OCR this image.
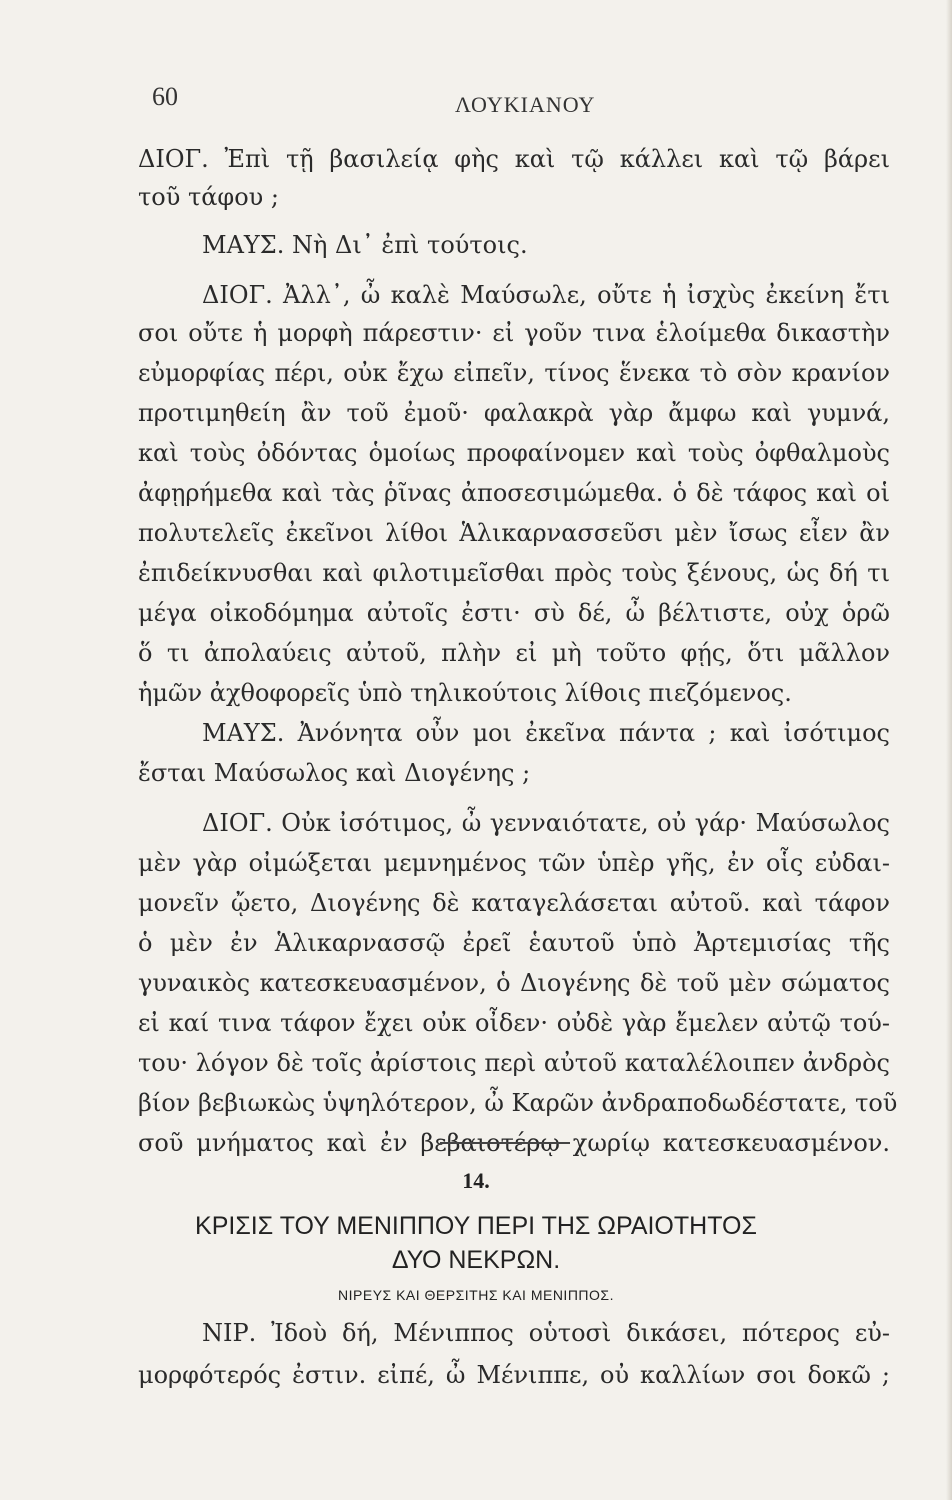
60	ΛΟΥΚΙΑΝΟΥ
ΔΙΟΓ. Ἐπὶ τῇ βασιλείᾳ φὴς καὶ τῷ κάλλει καὶ τῷ βάρει
τοῦ τάφου ;
ΜΑΥΣ. Νὴ Δι᾽ ἐπὶ τούτοις.
ΔΙΟΓ. Ἀλλ᾽, ὦ καλὲ Μαύσωλε, οὔτε ἡ ἰσχὺς ἐκείνη ἔτι
σοι οὔτε ἡ μορφὴ πάρεστιν· εἰ γοῦν τινα ἑλοίμεθα δικαστὴν
εὐμορφίας πέρι, οὐκ ἔχω εἰπεῖν, τίνος ἕνεκα τὸ σὸν κρανίον
προτιμηθείη ἂν τοῦ ἐμοῦ· φαλακρὰ γὰρ ἄμφω καὶ γυμνά,
καὶ τοὺς ὀδόντας ὁμοίως προφαίνομεν καὶ τοὺς ὀφθαλμοὺς
ἀφῃρήμεθα καὶ τὰς ῥῖνας ἀποσεσιμώμεθα. ὁ δὲ τάφος καὶ οἱ
πολυτελεῖς ἐκεῖνοι λίθοι Ἁλικαρνασσεῦσι μὲν ἴσως εἶεν ἂν
ἐπιδείκνυσθαι καὶ φιλοτιμεῖσθαι πρὸς τοὺς ξένους, ὡς δή τι
μέγα οἰκοδόμημα αὐτοῖς ἐστι· σὺ δέ, ὦ βέλτιστε, οὐχ ὁρῶ
ὅ τι ἀπολαύεις αὐτοῦ, πλὴν εἰ μὴ τοῦτο φῄς, ὅτι μᾶλλον
ἡμῶν ἀχθοφορεῖς ὑπὸ τηλικούτοις λίθοις πιεζόμενος.
ΜΑΥΣ. Ἀνόνητα οὖν μοι ἐκεῖνα πάντα ; καὶ ἰσότιμος
ἔσται Μαύσωλος καὶ Διογένης ;
ΔΙΟΓ. Οὐκ ἰσότιμος, ὦ γενναιότατε, οὐ γάρ· Μαύσωλος
μὲν γὰρ οἰμώξεται μεμνημένος τῶν ὑπὲρ γῆς, ἐν οἷς εὐδαι-
μονεῖν ᾤετο, Διογένης δὲ καταγελάσεται αὐτοῦ. καὶ τάφον
ὁ μὲν ἐν Ἁλικαρνασσῷ ἐρεῖ ἑαυτοῦ ὑπὸ Ἀρτεμισίας τῆς
γυναικὸς κατεσκευασμένον, ὁ Διογένης δὲ τοῦ μὲν σώματος
εἰ καί τινα τάφον ἔχει οὐκ οἶδεν· οὐδὲ γὰρ ἔμελεν αὐτῷ τού-
του· λόγον δὲ τοῖς ἀρίστοις περὶ αὐτοῦ καταλέλοιπεν ἀνδρὸς
βίον βεβιωκὼς ὑψηλότερον, ὦ Καρῶν ἀνδραποδωδέστατε, τοῦ
σοῦ μνήματος καὶ ἐν βεβαιοτέρῳ χωρίῳ κατεσκευασμένον.
14.
ΚΡΙΣΙΣ ΤΟΥ ΜΕΝΙΠΠΟΥ ΠΕΡΙ ΤΗΣ ΩΡΑΙΟΤΗΤΟΣ
ΔΥΟ ΝΕΚΡΩΝ.
ΝΙΡΕΥΣ ΚΑΙ ΘΕΡΣΙΤΗΣ ΚΑΙ ΜΕΝΙΠΠΟΣ.
ΝΙΡ. Ἰδοὺ δή, Μένιππος οὑτοσὶ δικάσει, πότερος εὐ-
μορφότερός ἐστιν. εἰπέ, ὦ Μένιππε, οὐ καλλίων σοι δοκῶ ;
